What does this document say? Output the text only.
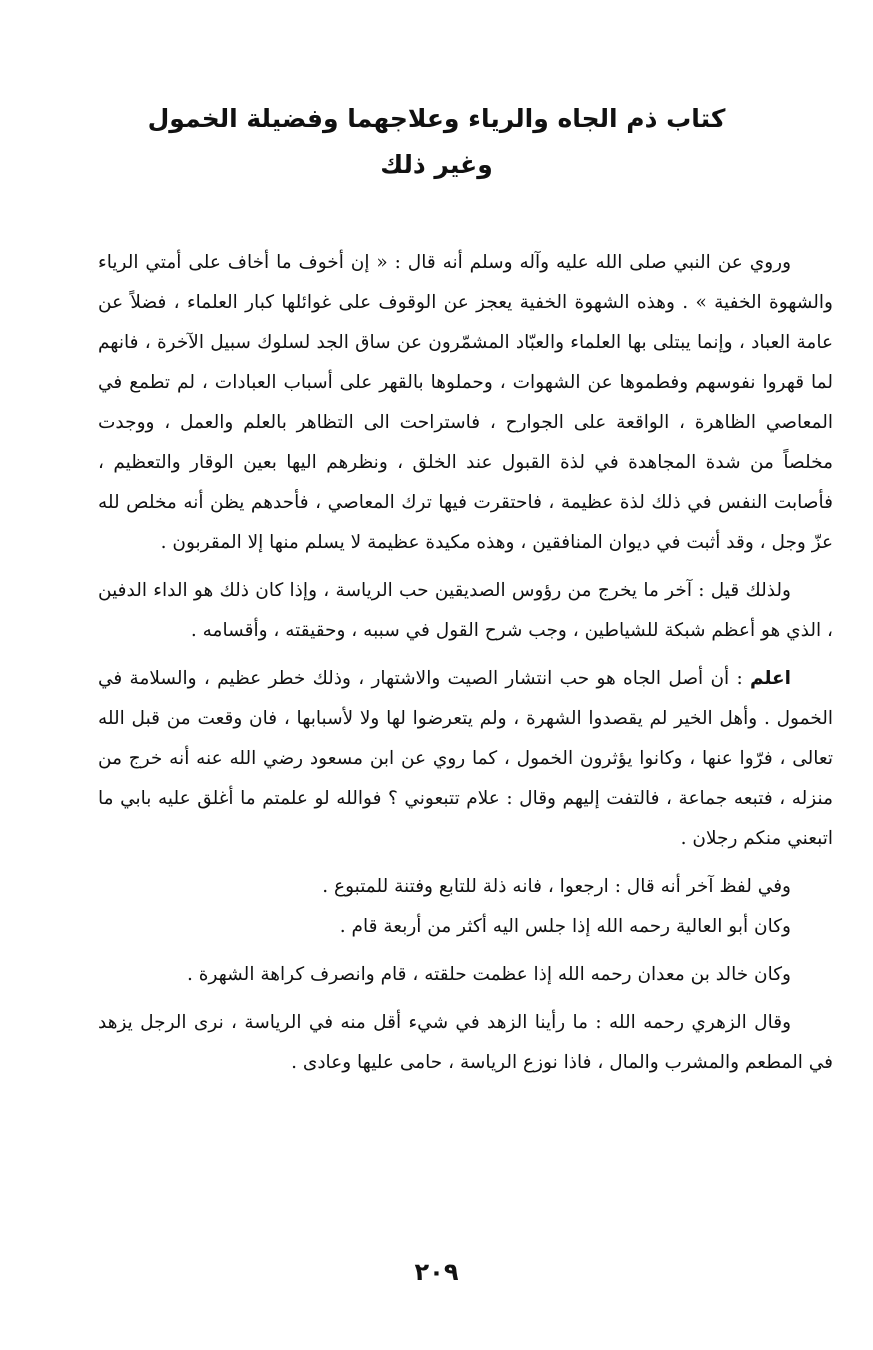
كتاب ذم الجاه والرياء وعلاجهما وفضيلة الخمول

وغير ذلك

وروي عن النبي صلى الله عليه وآله وسلم أنه قال : « إن أخوف ما أخاف على أمتي الرياء والشهوة الخفية » . وهذه الشهوة الخفية يعجز عن الوقوف على غوائلها كبار العلماء ، فضلاً عن عامة العباد ، وإنما يبتلى بها العلماء والعبّاد المشمّرون عن ساق الجد لسلوك سبيل الآخرة ، فانهم لما قهروا نفوسهم وفطموها عن الشهوات ، وحملوها بالقهر على أسباب العبادات ، لم تطمع في المعاصي الظاهرة ، الواقعة على الجوارح ، فاستراحت الى التظاهر بالعلم والعمل ، ووجدت مخلصاً من شدة المجاهدة في لذة القبول عند الخلق ، ونظرهم اليها بعين الوقار والتعظيم ، فأصابت النفس في ذلك لذة عظيمة ، فاحتقرت فيها ترك المعاصي ، فأحدهم يظن أنه مخلص لله عزّ وجل ، وقد أثبت في ديوان المنافقين ، وهذه مكيدة عظيمة لا يسلم منها إلا المقربون .

ولذلك قيل : آخر ما يخرج من رؤوس الصديقين حب الرياسة ، وإذا كان ذلك هو الداء الدفين ، الذي هو أعظم شبكة للشياطين ، وجب شرح القول في سببه ، وحقيقته ، وأقسامه .

اعلم : أن أصل الجاه هو حب انتشار الصيت والاشتهار ، وذلك خطر عظيم ، والسلامة في الخمول . وأهل الخير لم يقصدوا الشهرة ، ولم يتعرضوا لها ولا لأسبابها ، فان وقعت من قبل الله تعالى ، فرّوا عنها ، وكانوا يؤثرون الخمول ، كما روي عن ابن مسعود رضي الله عنه أنه خرج من منزله ، فتبعه جماعة ، فالتفت إليهم وقال : علام تتبعوني ؟ فوالله لو علمتم ما أغلق عليه بابي ما اتبعني منكم رجلان .

وفي لفظ آخر أنه قال : ارجعوا ، فانه ذلة للتابع وفتنة للمتبوع .

وكان أبو العالية رحمه الله إذا جلس اليه أكثر من أربعة قام .

وكان خالد بن معدان رحمه الله إذا عظمت حلقته ، قام وانصرف كراهة الشهرة .

وقال الزهري رحمه الله : ما رأينا الزهد في شيء أقل منه في الرياسة ، نرى الرجل يزهد في المطعم والمشرب والمال ، فاذا نوزع الرياسة ، حامى عليها وعادى .

٢٠٩
